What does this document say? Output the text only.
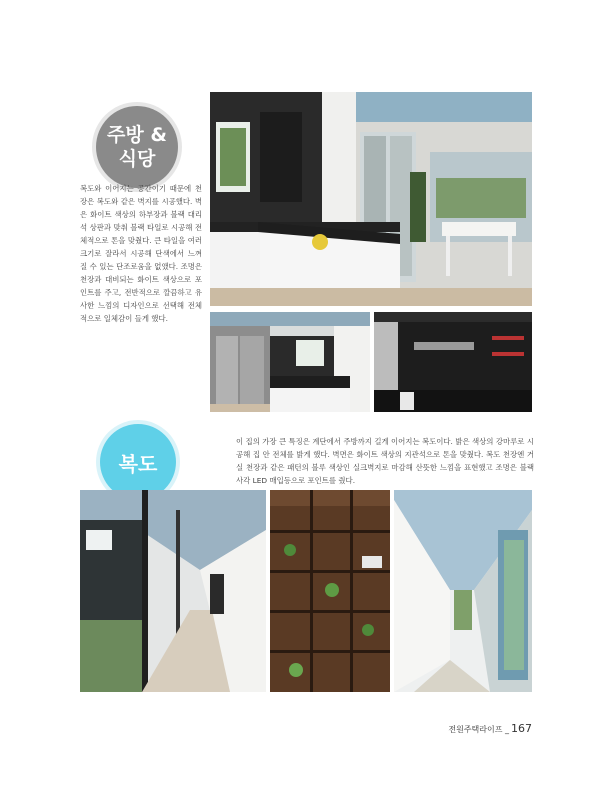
주방 &
식당
복도와 이어지는 공간이기 때문에 천장은 복도와 같은 벽지를 시공했다. 벽은 화이트 색상의 하부장과 블랙 대리석 상판과 맞춰 블랙 타일로 시공해 전체적으로 톤을 맞췄다. 큰 타일을 여러 크기로 잘라서 시공해 단색에서 느껴질 수 있는 단조로움을 없앴다. 조명은 천장과 대비되는 화이트 색상으로 포인트를 주고, 전반적으로 깔끔하고 유사한 느낌의 디자인으로 선택해 전체적으로 일체감이 들게 했다.
복도
이 집의 가장 큰 특징은 계단에서 주방까지 길게 이어지는 복도이다. 밝은 색상의 강마루로 시공해 집 안 전체를 밝게 했다. 벽면은 화이트 색상의 지관석으로 톤을 맞췄다. 복도 천장엔 거실 천장과 같은 패턴의 블루 색상인 실크벽지로 마감해 산뜻한 느낌을 표현했고 조명은 블랙 사각 LED 매입등으로 포인트를 줬다.
전원주택라이프 _ 167
